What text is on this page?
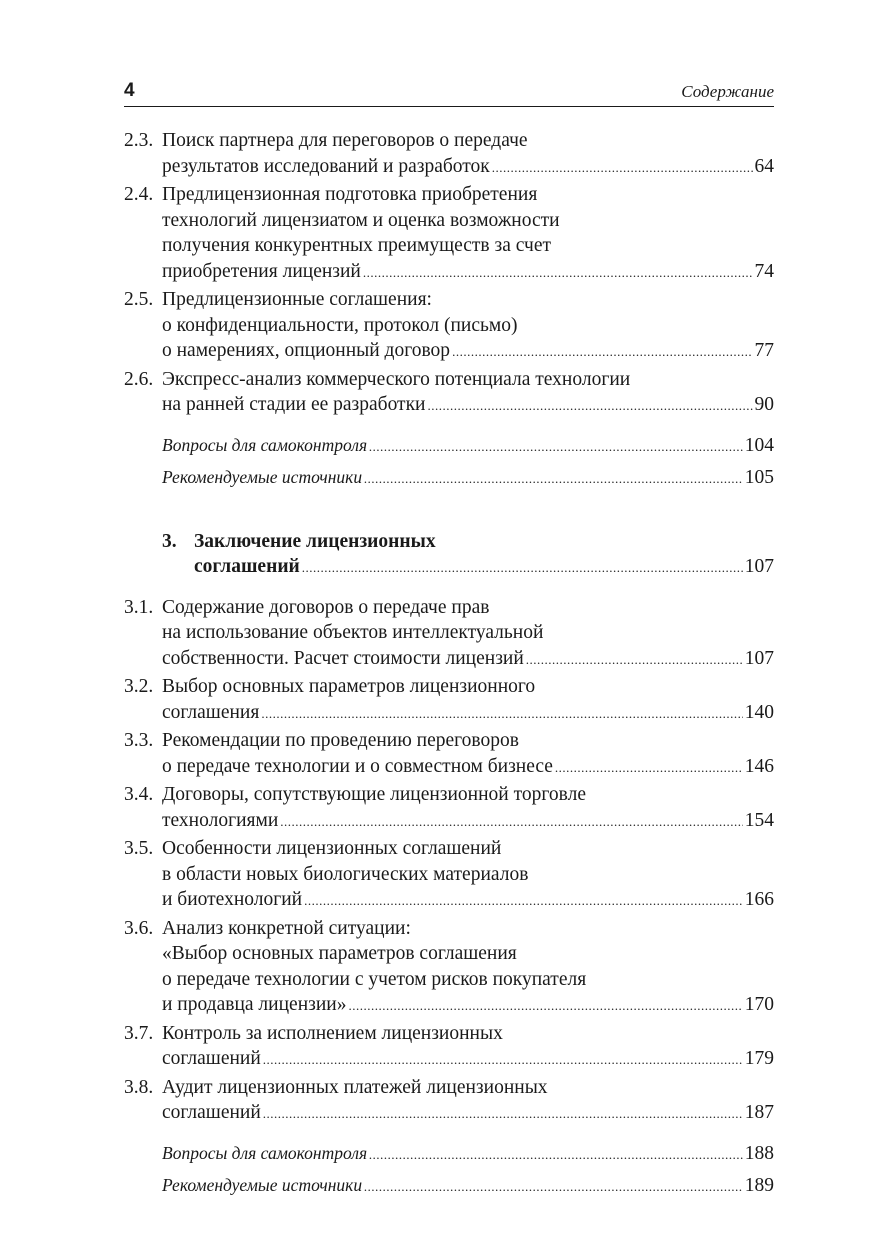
4	Содержание
2.3. Поиск партнера для переговоров о передаче
результатов исследований и разработок .....	64
2.4. Предлицензионная подготовка приобретения
технологий лицензиатом и оценка возможности
получения конкурентных преимуществ за счет
приобретения лицензий .....	74
2.5. Предлицензионные соглашения:
о конфиденциальности, протокол (письмо)
о намерениях, опционный договор .....	77
2.6. Экспресс-анализ коммерческого потенциала технологии
на ранней стадии ее разработки .....	90
Вопросы для самоконтроля .....	104
Рекомендуемые источники .....	105
3. Заключение лицензионных
соглашений .....	107
3.1. Содержание договоров о передаче прав
на использование объектов интеллектуальной
собственности. Расчет стоимости лицензий .....	107
3.2. Выбор основных параметров лицензионного
соглашения .....	140
3.3. Рекомендации по проведению переговоров
о передаче технологии и о совместном бизнесе .....	146
3.4. Договоры, сопутствующие лицензионной торговле
технологиями .....	154
3.5. Особенности лицензионных соглашений
в области новых биологических материалов
и биотехнологий .....	166
3.6. Анализ конкретной ситуации:
«Выбор основных параметров соглашения
о передаче технологии с учетом рисков покупателя
и продавца лицензии» .....	170
3.7. Контроль за исполнением лицензионных
соглашений .....	179
3.8. Аудит лицензионных платежей лицензионных
соглашений .....	187
Вопросы для самоконтроля .....	188
Рекомендуемые источники .....	189
